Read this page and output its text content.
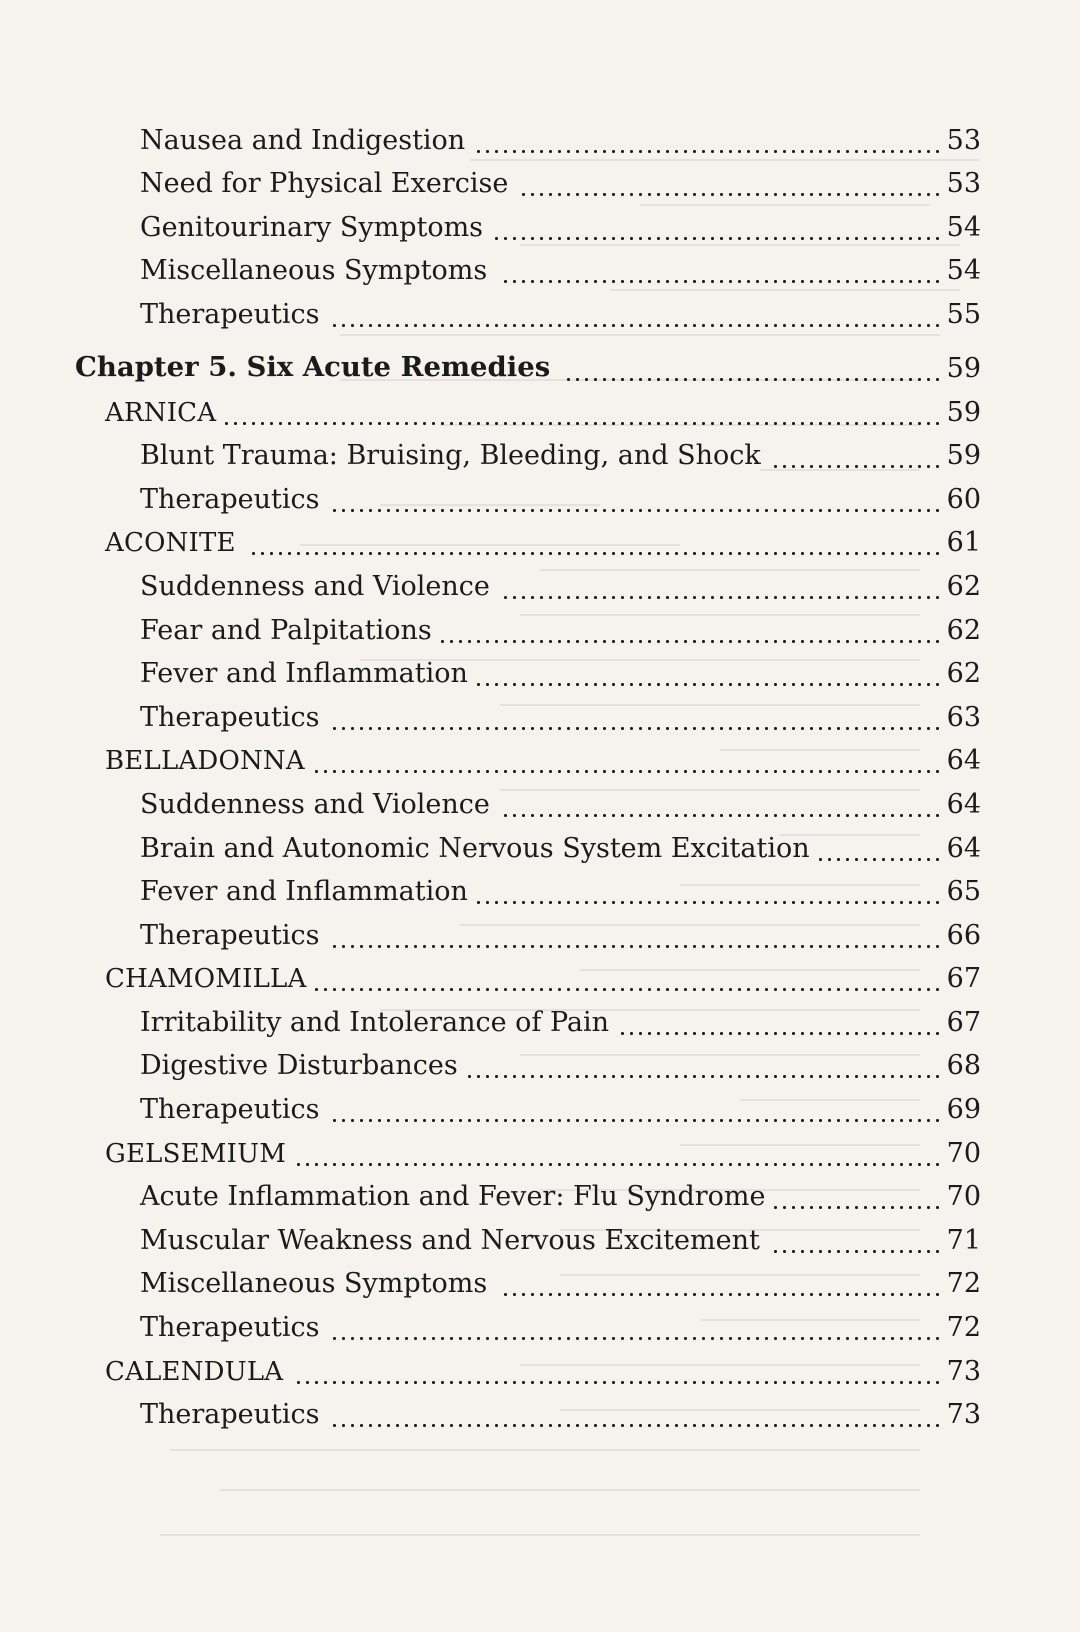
Nausea and Indigestion	53
Need for Physical Exercise	53
Genitourinary Symptoms	54
Miscellaneous Symptoms	54
Therapeutics	55
Chapter 5. Six Acute Remedies	59
ARNICA	59
Blunt Trauma: Bruising, Bleeding, and Shock	59
Therapeutics	60
ACONITE	61
Suddenness and Violence	62
Fear and Palpitations	62
Fever and Inflammation	62
Therapeutics	63
BELLADONNA	64
Suddenness and Violence	64
Brain and Autonomic Nervous System Excitation	64
Fever and Inflammation	65
Therapeutics	66
CHAMOMILLA	67
Irritability and Intolerance of Pain	67
Digestive Disturbances	68
Therapeutics	69
GELSEMIUM	70
Acute Inflammation and Fever: Flu Syndrome	70
Muscular Weakness and Nervous Excitement	71
Miscellaneous Symptoms	72
Therapeutics	72
CALENDULA	73
Therapeutics	73
